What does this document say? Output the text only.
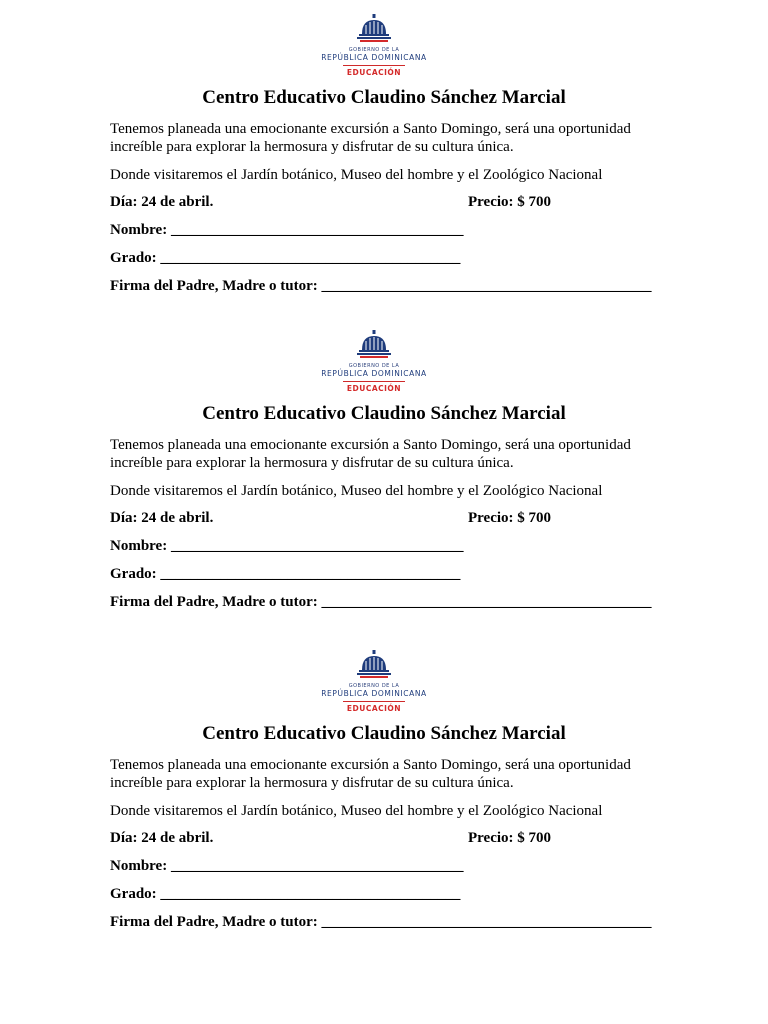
GOBIERNO DE LA
REPÚBLICA DOMINICANA
EDUCACIÓN
Centro Educativo Claudino Sánchez Marcial
Tenemos planeada una emocionante excursión a Santo Domingo, será una oportunidad increíble para explorar la hermosura y disfrutar de su cultura única.
Donde visitaremos el Jardín botánico, Museo del hombre y el Zoológico Nacional
Día: 24 de abril.	Precio: $ 700
Nombre: _______________________________________
Grado: ________________________________________
Firma del Padre, Madre o tutor: ____________________________________________
GOBIERNO DE LA
REPÚBLICA DOMINICANA
EDUCACIÓN
Centro Educativo Claudino Sánchez Marcial
Tenemos planeada una emocionante excursión a Santo Domingo, será una oportunidad increíble para explorar la hermosura y disfrutar de su cultura única.
Donde visitaremos el Jardín botánico, Museo del hombre y el Zoológico Nacional
Día: 24 de abril.	Precio: $ 700
Nombre: _______________________________________
Grado: ________________________________________
Firma del Padre, Madre o tutor: ____________________________________________
GOBIERNO DE LA
REPÚBLICA DOMINICANA
EDUCACIÓN
Centro Educativo Claudino Sánchez Marcial
Tenemos planeada una emocionante excursión a Santo Domingo, será una oportunidad increíble para explorar la hermosura y disfrutar de su cultura única.
Donde visitaremos el Jardín botánico, Museo del hombre y el Zoológico Nacional
Día: 24 de abril.	Precio: $ 700
Nombre: _______________________________________
Grado: ________________________________________
Firma del Padre, Madre o tutor: ____________________________________________
